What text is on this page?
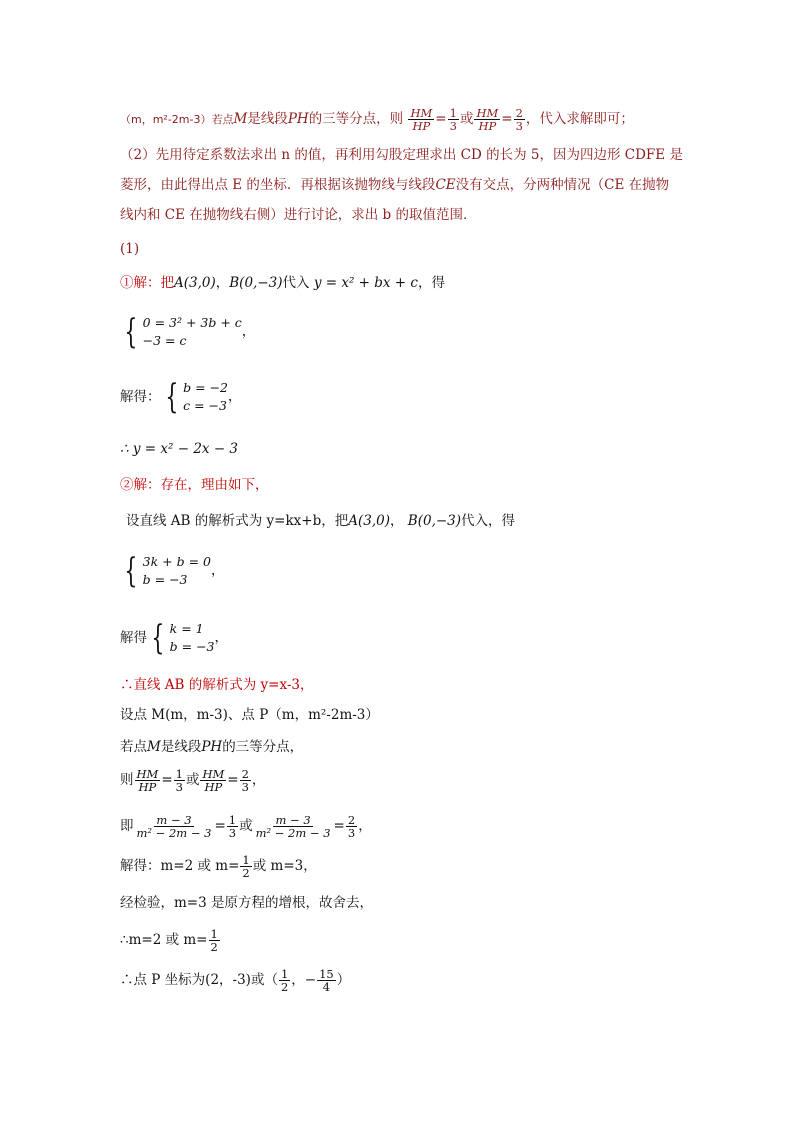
（m，m²-2m-3）若点M是线段PH的三等分点，则 $\frac{HM}{HP} = \frac{1}{3}$ 或 $\frac{HM}{HP} = \frac{2}{3}$ ，代入求解即可；
（2）先用待定系数法求出 n 的值，再利用勾股定理求出 CD 的长为 5，因为四边形 CDFE 是
菱形，由此得出点 E 的坐标．再根据该抛物线与线段CE没有交点，分两种情况（CE 在抛物
线内和 CE 在抛物线右侧）进行讨论，求出 b 的取值范围．
(1)
①解：把A(3,0)，B(0,−3)代入 y = x² + bx + c，得
{ 0 = 3² + 3b + c
−3 = c
，
解得： { b = −2
c = −3
，
∴ y = x² − 2x − 3
②解：存在，理由如下，
设直线 AB 的解析式为 y=kx+b，把A(3,0)， B(0,−3)代入，得
{ 3k + b = 0
b = −3
，
解得 { k = 1
b = −3
，
∴直线 AB 的解析式为 y=x-3，
设点 M(m，m-3)、点 P（m，m²-2m-3）
若点M是线段PH的三等分点，
则 $\frac{HM}{HP} = \frac{1}{3}$ 或 $\frac{HM}{HP} = \frac{2}{3}$ ，
即 $\frac{m - 3}{\text{m² − 2m − 3}} = \frac{1}{3}$ 或 $\frac{m - 3}{\text{m² − 2m − 3}} = \frac{2}{3}$ ，
解得：m=2 或 $m= \frac{1}{2}$ 或 m=3，
经检验，m=3 是原方程的增根，故舍去，
∴m=2 或 $m= \frac{1}{2}$
∴点 P 坐标为(2，-3)或（ $\frac{1}{2}$ ，− $\frac{15}{4}$ ）
